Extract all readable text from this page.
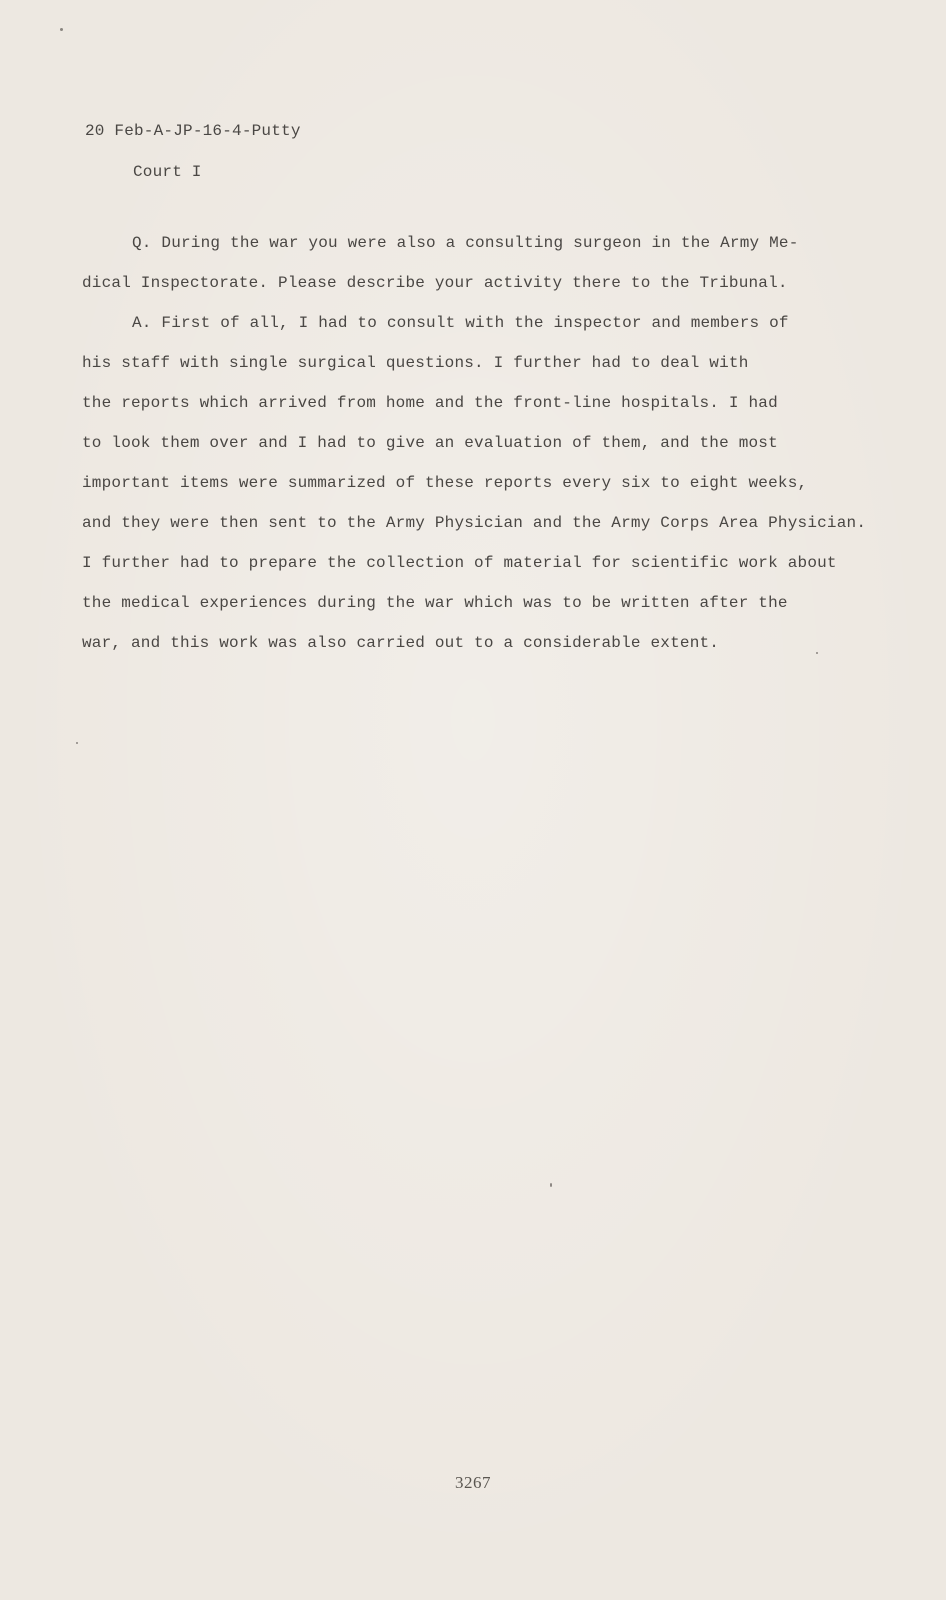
20 Feb-A-JP-16-4-Putty
Court I
Q. During the war you were also a consulting surgeon in the Army Me-
dical Inspectorate. Please describe your activity there to the Tribunal.
A. First of all, I had to consult with the inspector and members of
his staff with single surgical questions. I further had to deal with
the reports which arrived from home and the front-line hospitals. I had
to look them over and I had to give an evaluation of them, and the most
important items were summarized of these reports every six to eight weeks,
and they were then sent to the Army Physician and the Army Corps Area Physician.
I further had to prepare the collection of material for scientific work about
the medical experiences during the war which was to be written after the
war, and this work was also carried out to a considerable extent.
3267
